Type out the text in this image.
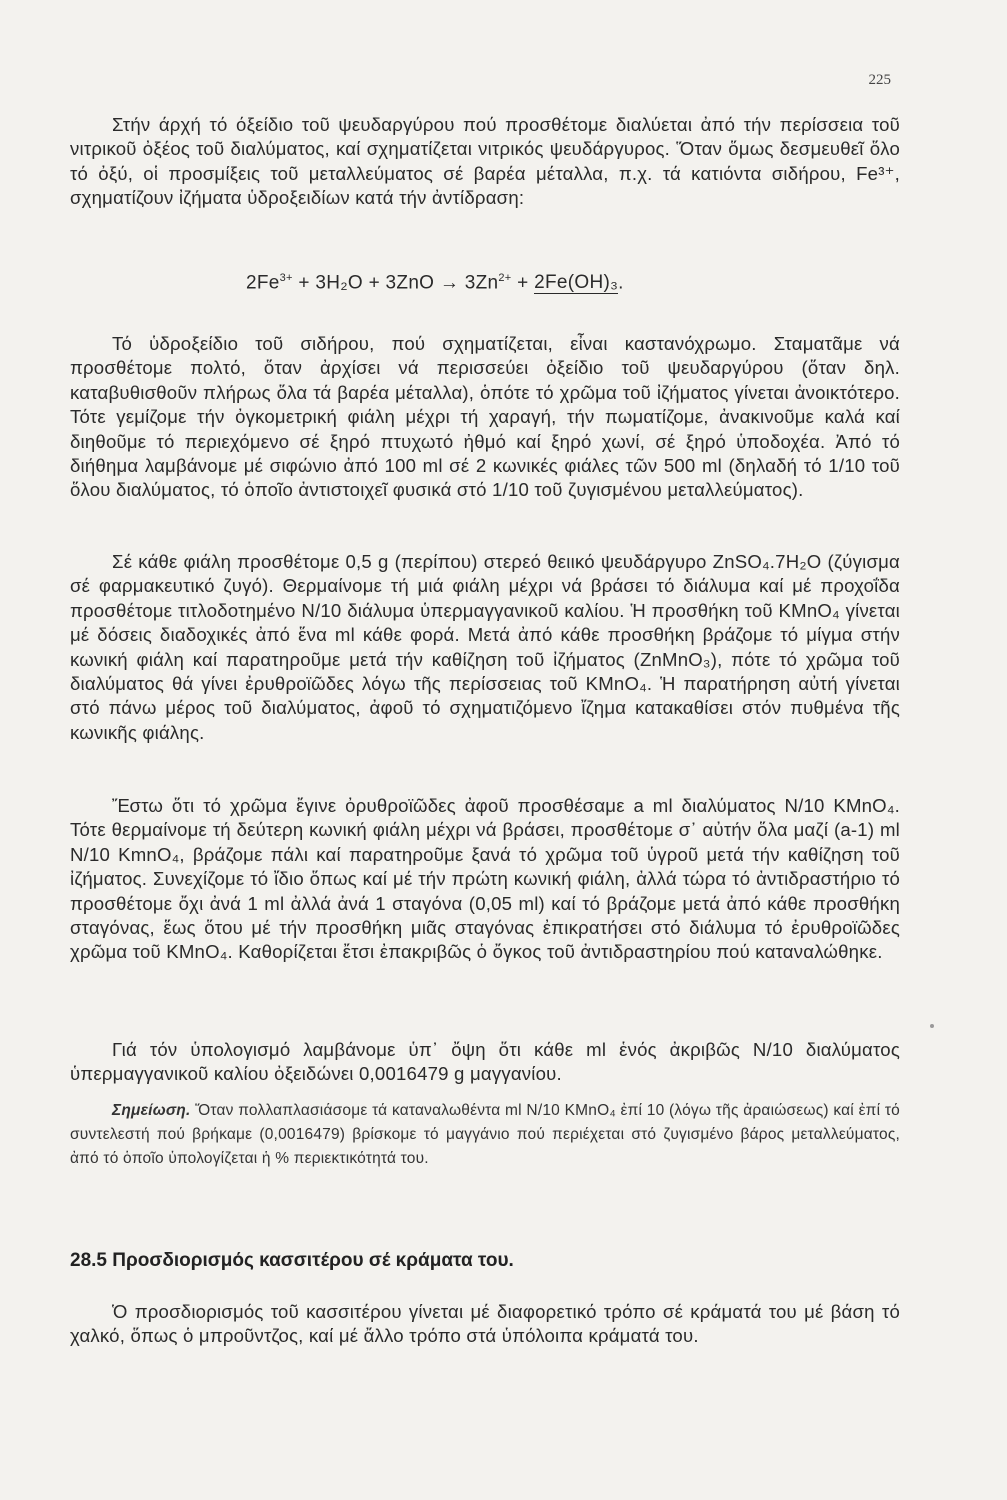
225

Στήν άρχή τό όξείδιο τοῦ ψευδαργύρου πού προσθέτομε διαλύεται ἀπό τήν περίσσεια τοῦ νιτρικοῦ ὀξέος τοῦ διαλύματος, καί σχηματίζεται νιτρικός ψευδάργυρος. Ὅταν ὅμως δεσμευθεῖ ὅλο τό ὀξύ, οἱ προσμίξεις τοῦ μεταλλεύματος σέ βαρέα μέταλλα, π.χ. τά κατιόντα σιδήρου, Fe³⁺, σχηματίζουν ἰζήματα ὑδροξειδίων κατά τήν ἀντίδραση:

$2Fe^{3+} + 3H_2O + 3ZnO \to 3Zn^{2+} + 2Fe(OH)_3$.

Τό ὑδροξείδιο τοῦ σιδήρου, πού σχηματίζεται, εἶναι καστανόχρωμο. Σταματᾶμε νά προσθέτομε πολτό, ὅταν ἀρχίσει νά περισσεύει ὀξείδιο τοῦ ψευδαργύρου (ὅταν δηλ. καταβυθισθοῦν πλήρως ὅλα τά βαρέα μέταλλα), ὁπότε τό χρῶμα τοῦ ἰζήματος γίνεται ἀνοικτότερο. Τότε γεμίζομε τήν ὀγκομετρική φιάλη μέχρι τή χαραγή, τήν πωματίζομε, ἀνακινοῦμε καλά καί διηθοῦμε τό περιεχόμενο σέ ξηρό πτυχωτό ἠθμό καί ξηρό χωνί, σέ ξηρό ὑποδοχέα. Ἀπό τό διήθημα λαμβάνομε μέ σιφώνιο ἀπό 100 ml σέ 2 κωνικές φιάλες τῶν 500 ml (δηλαδή τό 1/10 τοῦ ὅλου διαλύματος, τό ὁποῖο ἀντιστοιχεῖ φυσικά στό 1/10 τοῦ ζυγισμένου μεταλλεύματος).

Σέ κάθε φιάλη προσθέτομε 0,5 g (περίπου) στερεό θειικό ψευδάργυρο ZnSO₄.7H₂O (ζύγισμα σέ φαρμακευτικό ζυγό). Θερμαίνομε τή μιά φιάλη μέχρι νά βράσει τό διάλυμα καί μέ προχοΐδα προσθέτομε τιτλοδοτημένο N/10 διάλυμα ὑπερμαγγανικοῦ καλίου. Ἡ προσθήκη τοῦ KMnO₄ γίνεται μέ δόσεις διαδοχικές ἀπό ἕνα ml κάθε φορά. Μετά ἀπό κάθε προσθήκη βράζομε τό μίγμα στήν κωνική φιάλη καί παρατηροῦμε μετά τήν καθίζηση τοῦ ἰζήματος (ZnMnO₃), πότε τό χρῶμα τοῦ διαλύματος θά γίνει ἐρυθροϊῶδες λόγω τῆς περίσσειας τοῦ KMnO₄. Ἡ παρατήρηση αὐτή γίνεται στό πάνω μέρος τοῦ διαλύματος, ἀφοῦ τό σχηματιζόμενο ἴζημα κατακαθίσει στόν πυθμένα τῆς κωνικῆς φιάλης.

Ἔστω ὅτι τό χρῶμα ἔγινε ὀρυθροϊῶδες ἀφοῦ προσθέσαμε a ml διαλύματος N/10 KMnO₄. Τότε θερμαίνομε τή δεύτερη κωνική φιάλη μέχρι νά βράσει, προσθέτομε σ᾽ αὐτήν ὅλα μαζί (a-1) ml N/10 KmnO₄, βράζομε πάλι καί παρατηροῦμε ξανά τό χρῶμα τοῦ ὑγροῦ μετά τήν καθίζηση τοῦ ἰζήματος. Συνεχίζομε τό ἴδιο ὅπως καί μέ τήν πρώτη κωνική φιάλη, ἀλλά τώρα τό ἀντιδραστήριο τό προσθέτομε ὄχι ἀνά 1 ml ἀλλά ἀνά 1 σταγόνα (0,05 ml) καί τό βράζομε μετά ἀπό κάθε προσθήκη σταγόνας, ἕως ὅτου μέ τήν προσθήκη μιᾶς σταγόνας ἐπικρατήσει στό διάλυμα τό ἐρυθροϊῶδες χρῶμα τοῦ KMnO₄. Καθορίζεται ἔτσι ἐπακριβῶς ὁ ὄγκος τοῦ ἀντιδραστηρίου πού καταναλώθηκε.

Γιά τόν ὑπολογισμό λαμβάνομε ὑπ᾽ ὄψη ὅτι κάθε ml ἑνός ἀκριβῶς N/10 διαλύματος ὑπερμαγγανικοῦ καλίου ὀξειδώνει 0,0016479 g μαγγανίου.

Σημείωση. Ὅταν πολλαπλασιάσομε τά καταναλωθέντα ml N/10 KMnO₄ ἐπί 10 (λόγω τῆς ἀραιώσεως) καί ἐπί τό συντελεστή πού βρήκαμε (0,0016479) βρίσκομε τό μαγγάνιο πού περιέχεται στό ζυγισμένο βάρος μεταλλεύματος, ἀπό τό ὁποῖο ὑπολογίζεται ἡ % περιεκτικότητά του.

28.5 Προσδιορισμός κασσιτέρου σέ κράματα του.

Ὁ προσδιορισμός τοῦ κασσιτέρου γίνεται μέ διαφορετικό τρόπο σέ κράματά του μέ βάση τό χαλκό, ὅπως ὁ μπροῦντζος, καί μέ ἄλλο τρόπο στά ὑπόλοιπα κράματά του.
